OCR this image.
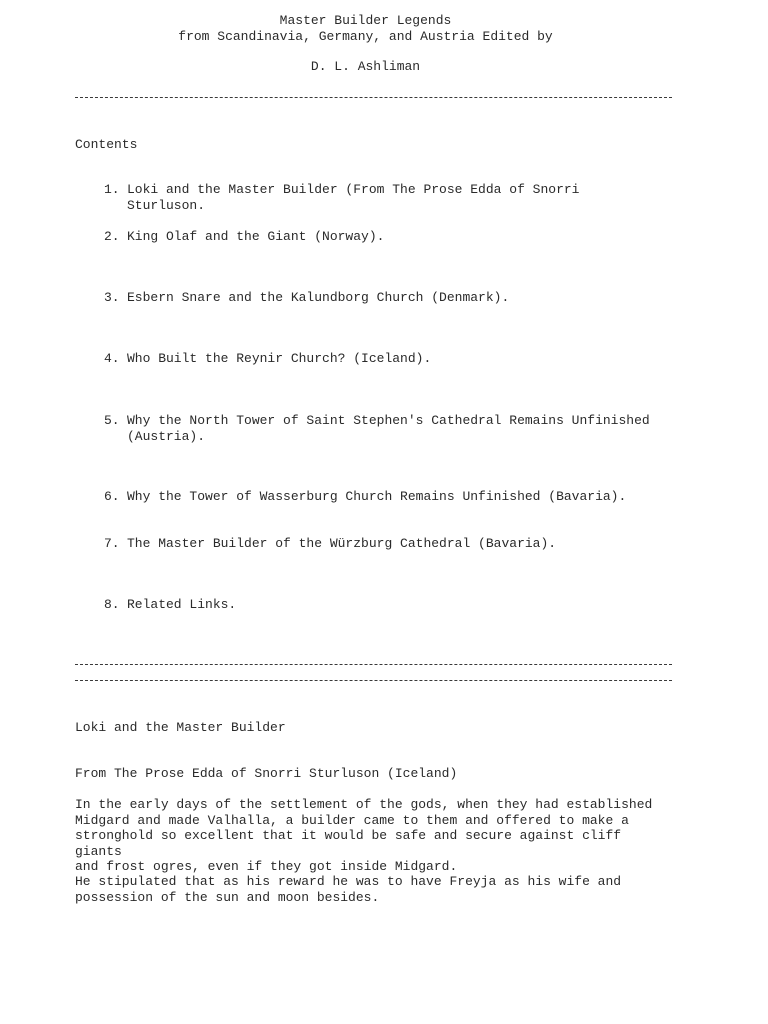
Master Builder Legends
from Scandinavia, Germany, and Austria Edited by
D. L. Ashliman
Contents
1. Loki and the Master Builder (From The Prose Edda of Snorri Sturluson.
2. King Olaf and the Giant (Norway).
3. Esbern Snare and the Kalundborg Church (Denmark).
4. Who Built the Reynir Church? (Iceland).
5. Why the North Tower of Saint Stephen's Cathedral Remains Unfinished (Austria).
6. Why the Tower of Wasserburg Church Remains Unfinished (Bavaria).
7. The Master Builder of the Würzburg Cathedral (Bavaria).
8. Related Links.
Loki and the Master Builder
From The Prose Edda of Snorri Sturluson (Iceland)
In the early days of the settlement of the gods, when they had established
Midgard and made Valhalla, a builder came to them and offered to make a
stronghold so excellent that it would be safe and secure against cliff giants
and frost ogres, even if they got inside Midgard.
He stipulated that as his reward he was to have Freyja as his wife and
possession of the sun and moon besides.
